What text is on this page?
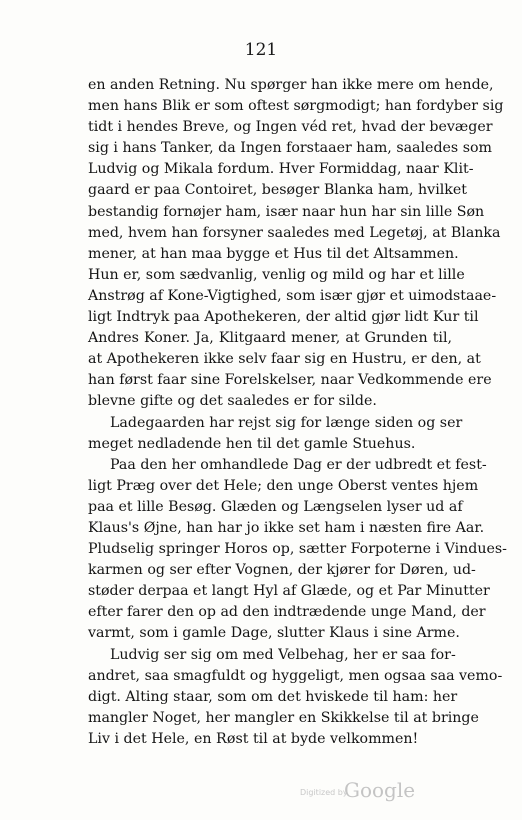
121
en anden Retning. Nu spørger han ikke mere om hende,
men hans Blik er som oftest sørgmodigt; han fordyber sig
tidt i hendes Breve, og Ingen véd ret, hvad der bevæger
sig i hans Tanker, da Ingen forstaaer ham, saaledes som
Ludvig og Mikala fordum. Hver Formiddag, naar Klit-
gaard er paa Contoiret, besøger Blanka ham, hvilket
bestandig fornøjer ham, især naar hun har sin lille Søn
med, hvem han forsyner saaledes med Legetøj, at Blanka
mener, at han maa bygge et Hus til det Altsammen.
Hun er, som sædvanlig, venlig og mild og har et lille
Anstrøg af Kone-Vigtighed, som især gjør et uimodstaae-
ligt Indtryk paa Apothekeren, der altid gjør lidt Kur til
Andres Koner. Ja, Klitgaard mener, at Grunden til,
at Apothekeren ikke selv faar sig en Hustru, er den, at
han først faar sine Forelskelser, naar Vedkommende ere
blevne gifte og det saaledes er for silde.
Ladegaarden har rejst sig for længe siden og ser
meget nedladende hen til det gamle Stuehus.
Paa den her omhandlede Dag er der udbredt et fest-
ligt Præg over det Hele; den unge Oberst ventes hjem
paa et lille Besøg. Glæden og Længselen lyser ud af
Klaus's Øjne, han har jo ikke set ham i næsten fire Aar.
Pludselig springer Horos op, sætter Forpoterne i Vindues-
karmen og ser efter Vognen, der kjører for Døren, ud-
støder derpaa et langt Hyl af Glæde, og et Par Minutter
efter farer den op ad den indtrædende unge Mand, der
varmt, som i gamle Dage, slutter Klaus i sine Arme.
Ludvig ser sig om med Velbehag, her er saa for-
andret, saa smagfuldt og hyggeligt, men ogsaa saa vemo-
digt. Alting staar, som om det hviskede til ham: her
mangler Noget, her mangler en Skikkelse til at bringe
Liv i det Hele, en Røst til at byde velkommen!
Digitized by
Google
